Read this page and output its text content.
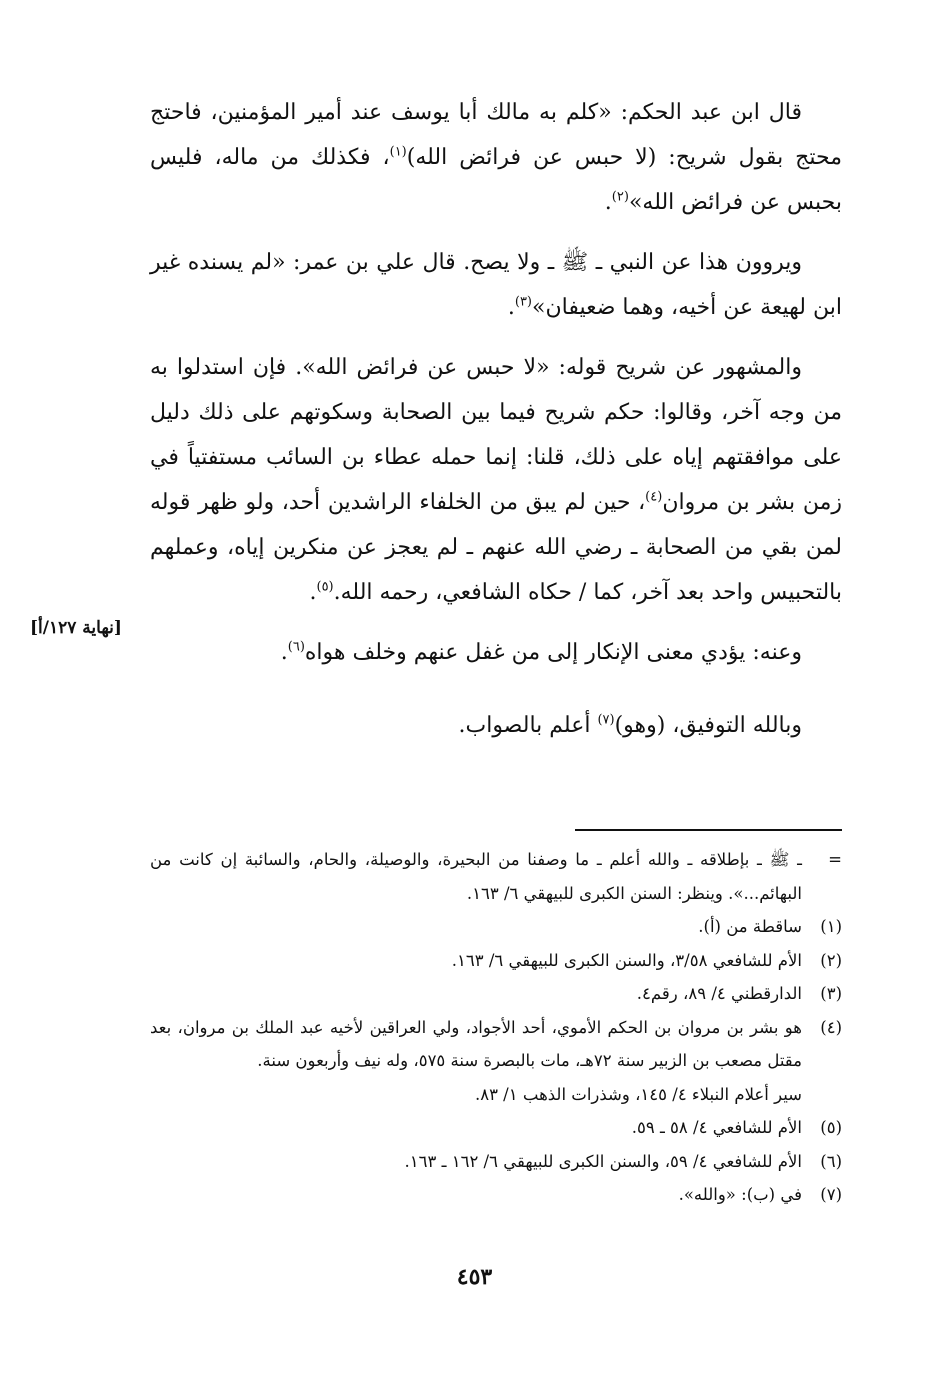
قال ابن عبد الحكم: «كلم به مالك أبا يوسف عند أمير المؤمنين، فاحتج محتج بقول شريح: (لا حبس عن فرائض الله)$^{(١)}$، فكذلك من ماله، فليس بحبس عن فرائض الله»$^{(٢)}$.

ويروون هذا عن النبي ـ ﷺ ـ ولا يصح. قال علي بن عمر: «لم يسنده غير ابن لهيعة عن أخيه، وهما ضعيفان»$^{(٣)}$.

والمشهور عن شريح قوله: «لا حبس عن فرائض الله». فإن استدلوا به من وجه آخر، وقالوا: حكم شريح فيما بين الصحابة وسكوتهم على ذلك دليل على موافقتهم إياه على ذلك، قلنا: إنما حمله عطاء بن السائب مستفتياً في زمن بشر بن مروان$^{(٤)}$، حين لم يبق من الخلفاء الراشدين أحد، ولو ظهر قوله لمن بقي من الصحابة ـ رضي الله عنهم ـ لم يعجز عن منكرين إياه، وعملهم بالتحبيس واحد بعد آخر، كما / حكاه الشافعي، رحمه الله.$^{(٥)}$.

وعنه: يؤدي معنى الإنكار إلى من غفل عنهم وخلف هواه$^{(٦)}$.

وبالله التوفيق، (وهو)$^{(٧)}$ أعلم بالصواب.

[نهاية ١٢٧/أ]
=
ـ ﷺ ـ بإطلاقه ـ والله أعلم ـ ما وصفنا من البحيرة، والوصيلة، والحام، والسائبة إن كانت من البهائم...». وينظر: السنن الكبرى للبيهقي ٦/ ١٦٣.
(١)
ساقطة من (أ).
(٢)
الأم للشافعي ٣/٥٨، والسنن الكبرى للبيهقي ٦/ ١٦٣.
(٣)
الدارقطني ٤/ ٨٩، رقم٤.
(٤)
هو بشر بن مروان بن الحكم الأموي، أحد الأجواد، ولي العراقين لأخيه عبد الملك بن مروان، بعد مقتل مصعب بن الزبير سنة ٧٢هـ، مات بالبصرة سنة ٥٧٥، وله نيف وأربعون سنة.
سير أعلام النبلاء ٤/ ١٤٥، وشذرات الذهب ١/ ٨٣.
(٥)
الأم للشافعي ٤/ ٥٨ ـ ٥٩.
(٦)
الأم للشافعي ٤/ ٥٩، والسنن الكبرى للبيهقي ٦/ ١٦٢ ـ ١٦٣.
(٧)
في (ب): «والله».
٤٥٣
